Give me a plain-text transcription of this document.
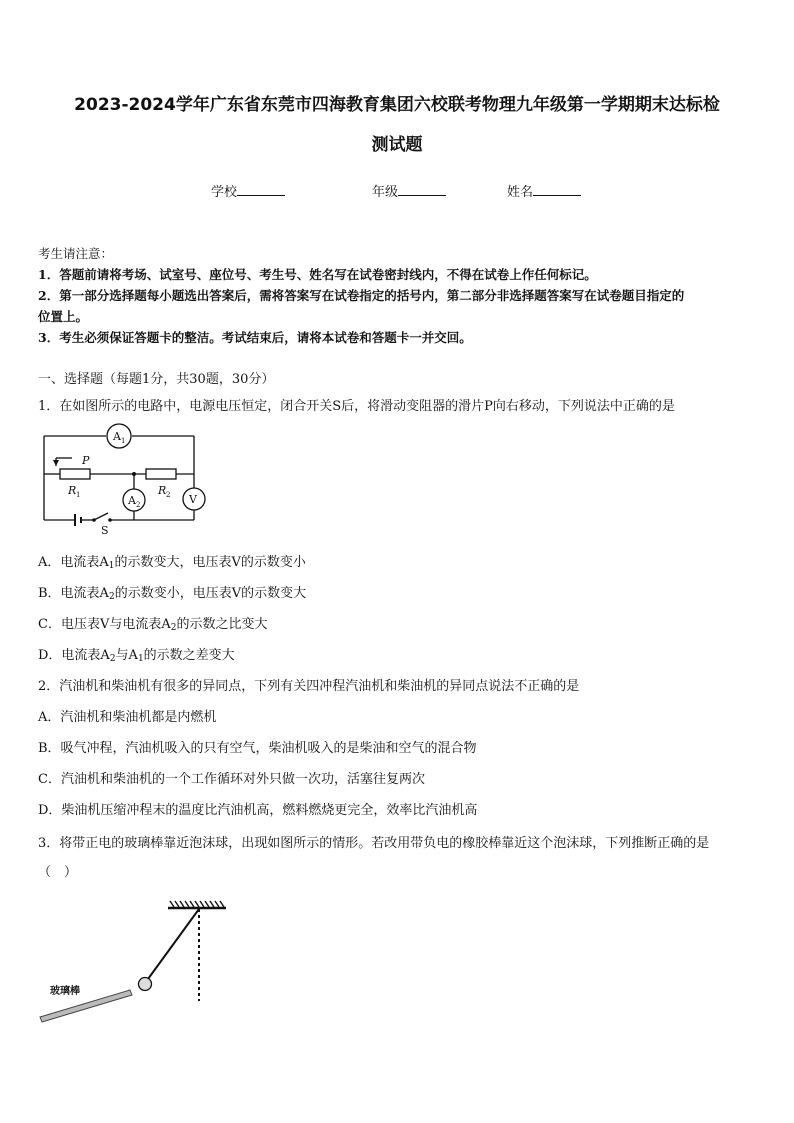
2023-2024学年广东省东莞市四海教育集团六校联考物理九年级第一学期期末达标检
测试题
学校	年级	姓名
考生请注意：
1．答题前请将考场、试室号、座位号、考生号、姓名写在试卷密封线内，不得在试卷上作任何标记。
2．第一部分选择题每小题选出答案后，需将答案写在试卷指定的括号内，第二部分非选择题答案写在试卷题目指定的
位置上。
3．考生必须保证答题卡的整洁。考试结束后，请将本试卷和答题卡一并交回。
一、选择题（每题1分，共30题，30分）
1．在如图所示的电路中，电源电压恒定，闭合开关S后，将滑动变阻器的滑片P向右移动，下列说法中正确的是
A 1
A 2	V
P
R 1	R 2
S
A．电流表$A_1$的示数变大，电压表V的示数变小
B．电流表$A_2$的示数变小，电压表V的示数变大
C．电压表V与电流表$A_2$的示数之比变大
D．电流表$A_2$与$A_1$的示数之差变大
2．汽油机和柴油机有很多的异同点，下列有关四冲程汽油机和柴油机的异同点说法不正确的是
A．汽油机和柴油机都是内燃机
B．吸气冲程，汽油机吸入的只有空气，柴油机吸入的是柴油和空气的混合物
C．汽油机和柴油机的一个工作循环对外只做一次功，活塞往复两次
D．柴油机压缩冲程末的温度比汽油机高，燃料燃烧更完全，效率比汽油机高
3．将带正电的玻璃棒靠近泡沫球，出现如图所示的情形。若改用带负电的橡胶棒靠近这个泡沫球，下列推断正确的是
（　）
玻璃棒
